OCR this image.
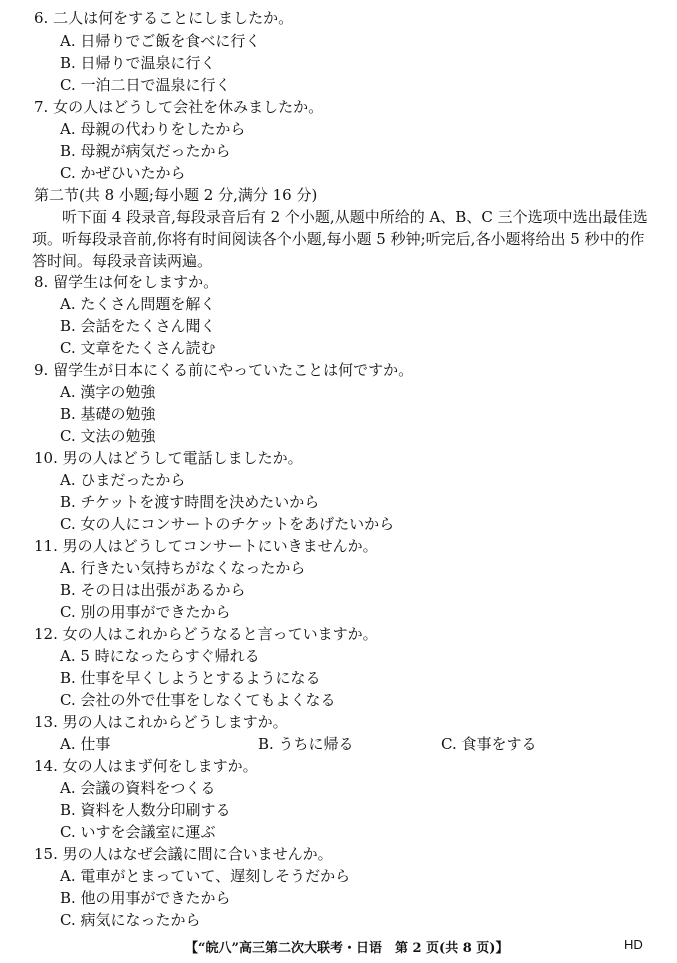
6. 二人は何をすることにしましたか。
A. 日帰りでご飯を食べに行く
B. 日帰りで温泉に行く
C. 一泊二日で温泉に行く
7. 女の人はどうして会社を休みましたか。
A. 母親の代わりをしたから
B. 母親が病気だったから
C. かぜひいたから
第二节(共 8 小题;每小题 2 分,满分 16 分)
听下面 4 段录音,每段录音后有 2 个小题,从题中所给的 A、B、C 三个选项中选出最佳选项。听每段录音前,你将有时间阅读各个小题,每小题 5 秒钟;听完后,各小题将给出 5 秒中的作答时间。每段录音读两遍。
8. 留学生は何をしますか。
A. たくさん問題を解く
B. 会話をたくさん聞く
C. 文章をたくさん読む
9. 留学生が日本にくる前にやっていたことは何ですか。
A. 漢字の勉強
B. 基礎の勉強
C. 文法の勉強
10. 男の人はどうして電話しましたか。
A. ひまだったから
B. チケットを渡す時間を決めたいから
C. 女の人にコンサートのチケットをあげたいから
11. 男の人はどうしてコンサートにいきませんか。
A. 行きたい気持ちがなくなったから
B. その日は出張があるから
C. 別の用事ができたから
12. 女の人はこれからどうなると言っていますか。
A. 5 時になったらすぐ帰れる
B. 仕事を早くしようとするようになる
C. 会社の外で仕事をしなくてもよくなる
13. 男の人はこれからどうしますか。
A. 仕事	B. うちに帰る	C. 食事をする
14. 女の人はまず何をしますか。
A. 会議の資料をつくる
B. 資料を人数分印刷する
C. いすを会議室に運ぶ
15. 男の人はなぜ会議に間に合いませんか。
A. 電車がとまっていて、遅刻しそうだから
B. 他の用事ができたから
C. 病気になったから
【“皖八”高三第二次大联考・日语　第 2 页(共 8 页)】	HD
